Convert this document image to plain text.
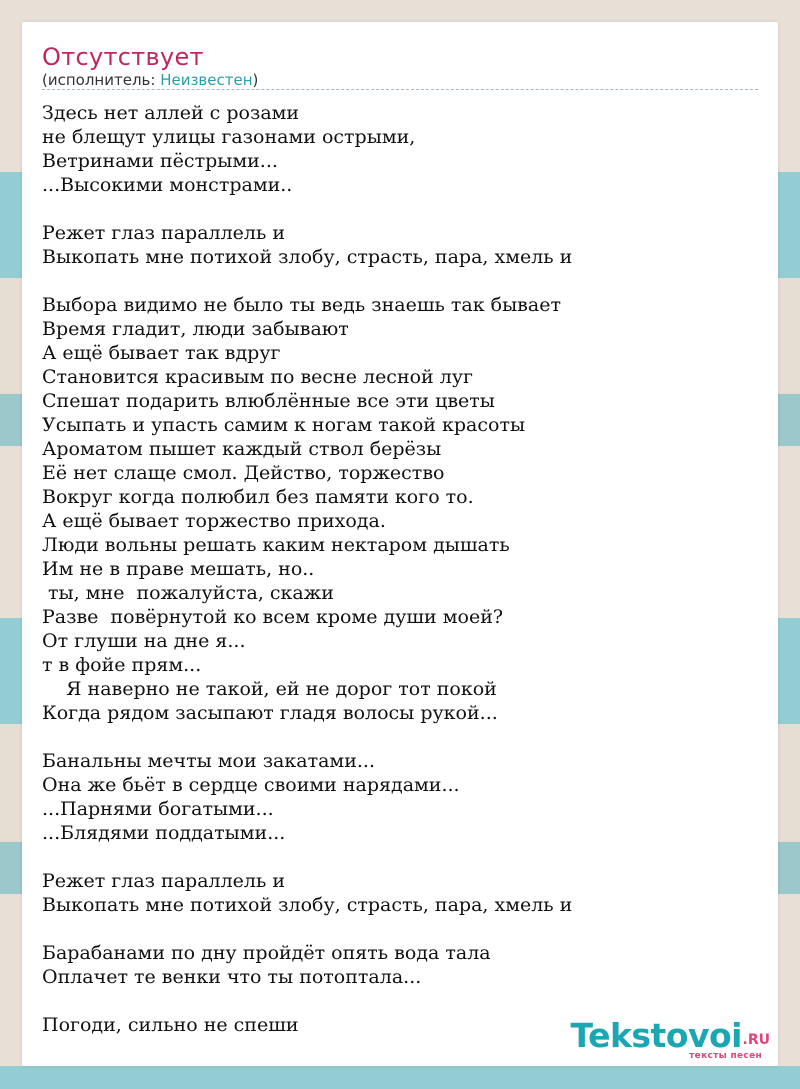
Отсутствует
(исполнитель: Неизвестен)
Здесь нет аллей с розами
не блещут улицы газонами острыми,
Ветринами пёстрыми...
...Высокими монстрами..

Режет глаз параллель и
Выкопать мне потихой злобу, страсть, пара, хмель и

Выбора видимо не было ты ведь знаешь так бывает
Время гладит, люди забывают
А ещё бывает так вдруг
Становится красивым по весне лесной луг
Спешат подарить влюблённые все эти цветы
Усыпать и упасть самим к ногам такой красоты
Ароматом пышет каждый ствол берёзы
Её нет слаще смол. Действо, торжество
Вокруг когда полюбил без памяти кого то.
А ещё бывает торжество прихода.
Люди вольны решать каким нектаром дышать
Им не в праве мешать, но..
ты, мне  пожалуйста, скажи
Разве  повёрнутой ко всем кроме души моей?
От глуши на дне я...
т в фойе прям...
Я наверно не такой, ей не дорог тот покой
Когда рядом засыпают гладя волосы рукой...

Банальны мечты мои закатами...
Она же бьёт в сердце своими нарядами...
...Парнями богатыми...
...Блядями поддатыми...

Режет глаз параллель и
Выкопать мне потихой злобу, страсть, пара, хмель и

Барабанами по дну пройдёт опять вода тала
Оплачет те венки что ты потоптала...

Погоди, сильно не спеши	Tekstovoi .RU
тексты песен
